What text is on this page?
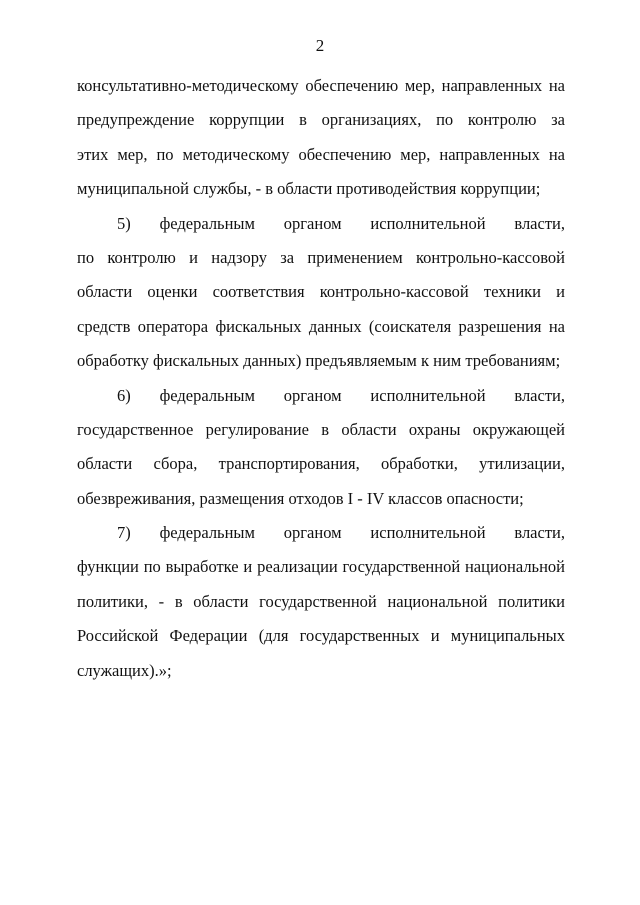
2
консультативно-методическому обеспечению мер, направленных на
предупреждение коррупции в организациях, по контролю за
этих мер, по методическому обеспечению мер, направленных на
муниципальной службы, - в области противодействия коррупции;
5) федеральным органом исполнительной власти,
по контролю и надзору за применением контрольно-кассовой
области оценки соответствия контрольно-кассовой техники и
средств оператора фискальных данных (соискателя разрешения на
обработку фискальных данных) предъявляемым к ним требованиям;
6) федеральным органом исполнительной власти,
государственное регулирование в области охраны окружающей
области сбора, транспортирования, обработки, утилизации,
обезвреживания, размещения отходов I - IV классов опасности;
7) федеральным органом исполнительной власти,
функции по выработке и реализации государственной национальной
политики, - в области государственной национальной политики
Российской Федерации (для государственных и муниципальных
служащих).»;
